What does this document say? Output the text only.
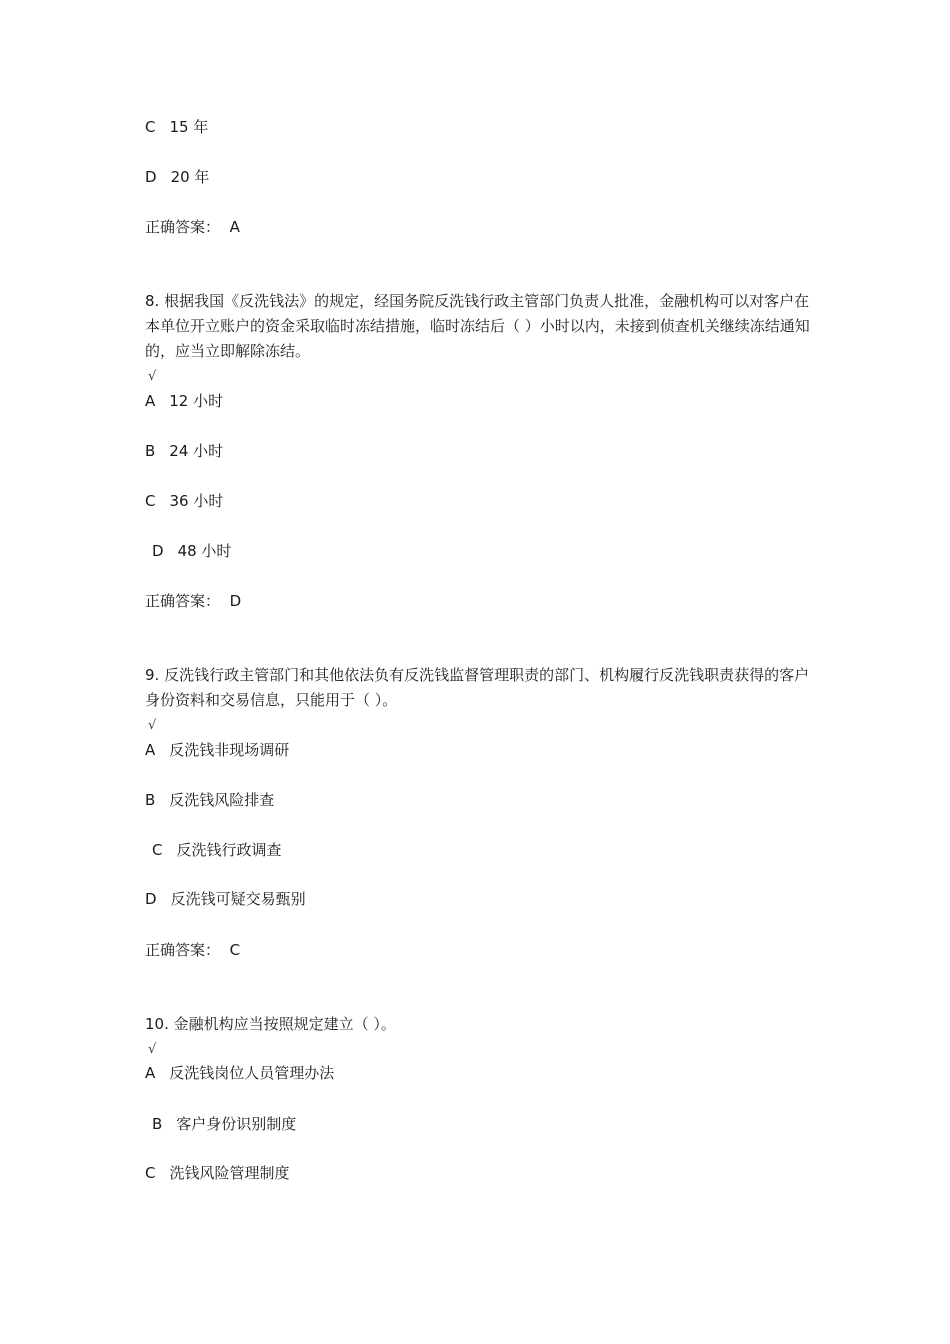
C 15 年
D 20 年
正确答案： A
8. 根据我国《反洗钱法》的规定，经国务院反洗钱行政主管部门负责人批准，金融机构可以对客户在本单位开立账户的资金采取临时冻结措施，临时冻结后（ ）小时以内，未接到侦查机关继续冻结通知的，应当立即解除冻结。
√
A 12 小时
B 24 小时
C 36 小时
D 48 小时
正确答案： D
9. 反洗钱行政主管部门和其他依法负有反洗钱监督管理职责的部门、机构履行反洗钱职责获得的客户身份资料和交易信息，只能用于（ ）。
√
A 反洗钱非现场调研
B 反洗钱风险排查
C 反洗钱行政调查
D 反洗钱可疑交易甄别
正确答案： C
10. 金融机构应当按照规定建立（ ）。
√
A 反洗钱岗位人员管理办法
B 客户身份识别制度
C 洗钱风险管理制度
